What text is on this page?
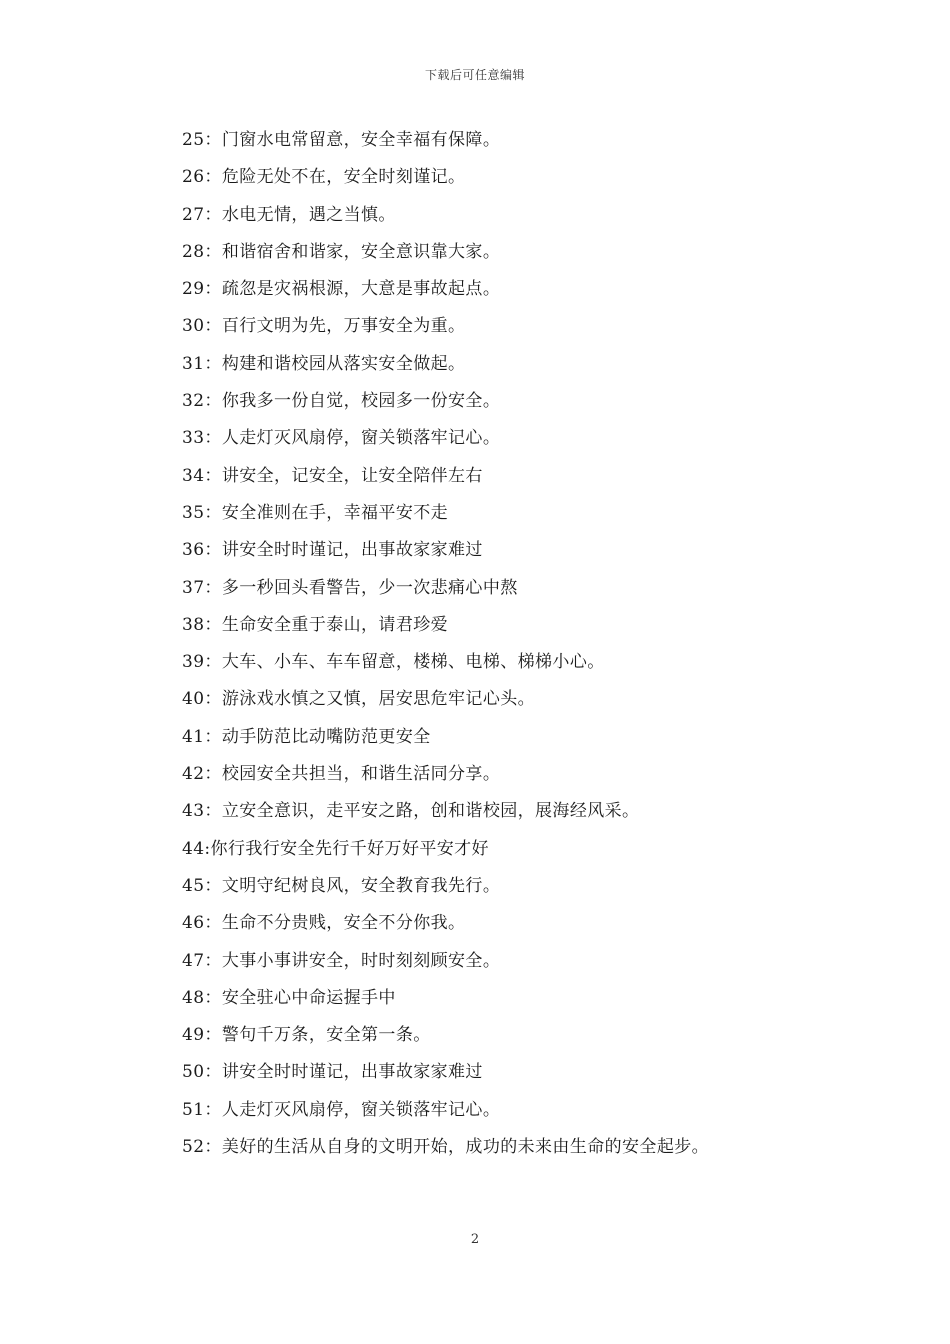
下载后可任意编辑
25：门窗水电常留意，安全幸福有保障。
26：危险无处不在，安全时刻谨记。
27：水电无情，遇之当慎。
28：和谐宿舍和谐家，安全意识靠大家。
29：疏忽是灾祸根源，大意是事故起点。
30：百行文明为先，万事安全为重。
31：构建和谐校园从落实安全做起。
32：你我多一份自觉，校园多一份安全。
33：人走灯灭风扇停，窗关锁落牢记心。
34：讲安全，记安全，让安全陪伴左右
35：安全准则在手，幸福平安不走
36：讲安全时时谨记，出事故家家难过
37：多一秒回头看警告，少一次悲痛心中熬
38：生命安全重于泰山，请君珍爱
39：大车、小车、车车留意，楼梯、电梯、梯梯小心。
40：游泳戏水慎之又慎，居安思危牢记心头。
41：动手防范比动嘴防范更安全
42：校园安全共担当，和谐生活同分享。
43：立安全意识，走平安之路，创和谐校园，展海经风采。
44:你行我行安全先行千好万好平安才好
45：文明守纪树良风，安全教育我先行。
46：生命不分贵贱，安全不分你我。
47：大事小事讲安全，时时刻刻顾安全。
48：安全驻心中命运握手中
49：警句千万条，安全第一条。
50：讲安全时时谨记，出事故家家难过
51：人走灯灭风扇停，窗关锁落牢记心。
52：美好的生活从自身的文明开始，成功的未来由生命的安全起步。
2
